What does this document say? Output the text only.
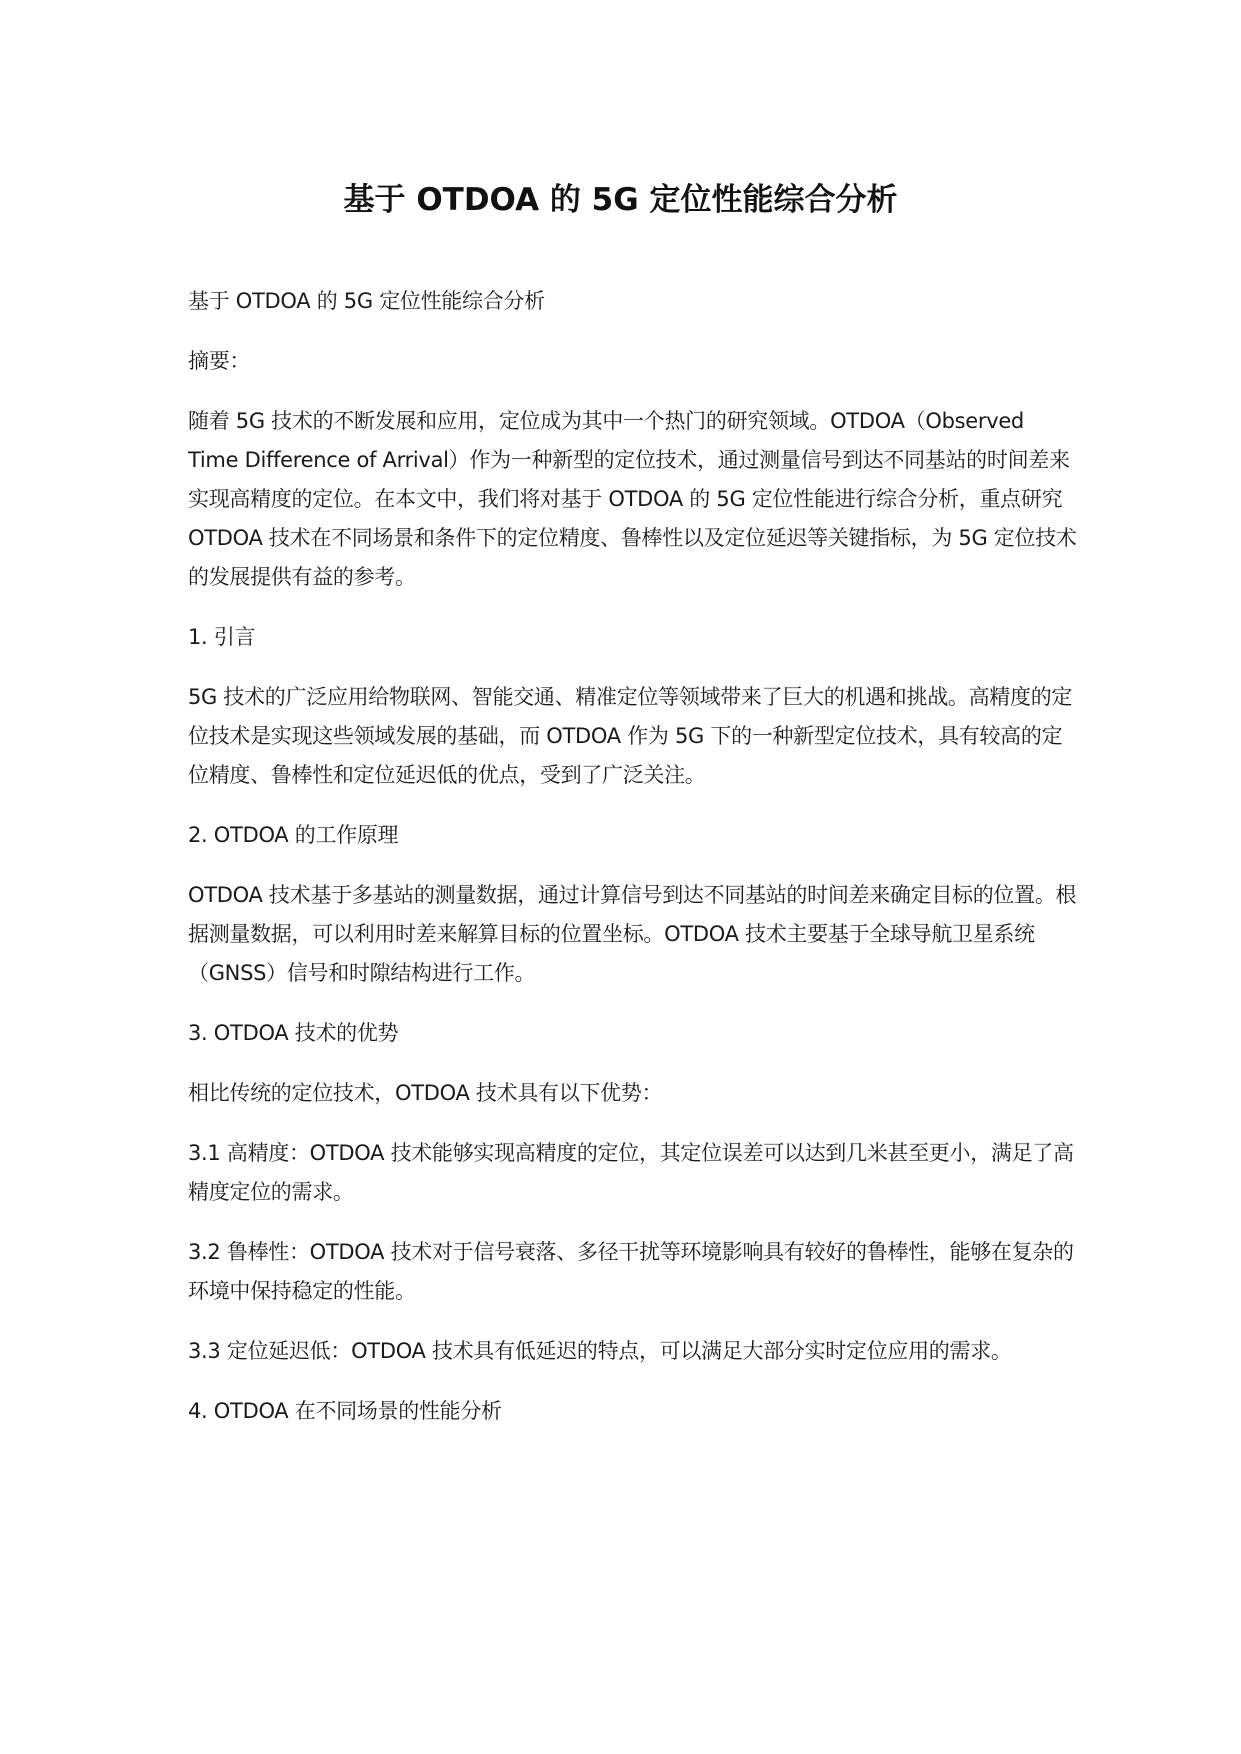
基于 OTDOA 的 5G 定位性能综合分析

基于 OTDOA 的 5G 定位性能综合分析

摘要：

随着 5G 技术的不断发展和应用，定位成为其中一个热门的研究领域。OTDOA（Observed Time Difference of Arrival）作为一种新型的定位技术，通过测量信号到达不同基站的时间差来实现高精度的定位。在本文中，我们将对基于 OTDOA 的 5G 定位性能进行综合分析，重点研究 OTDOA 技术在不同场景和条件下的定位精度、鲁棒性以及定位延迟等关键指标，为 5G 定位技术的发展提供有益的参考。

1. 引言

5G 技术的广泛应用给物联网、智能交通、精准定位等领域带来了巨大的机遇和挑战。高精度的定位技术是实现这些领域发展的基础，而 OTDOA 作为 5G 下的一种新型定位技术，具有较高的定位精度、鲁棒性和定位延迟低的优点，受到了广泛关注。

2. OTDOA 的工作原理

OTDOA 技术基于多基站的测量数据，通过计算信号到达不同基站的时间差来确定目标的位置。根据测量数据，可以利用时差来解算目标的位置坐标。OTDOA 技术主要基于全球导航卫星系统（GNSS）信号和时隙结构进行工作。

3. OTDOA 技术的优势

相比传统的定位技术，OTDOA 技术具有以下优势：

3.1 高精度：OTDOA 技术能够实现高精度的定位，其定位误差可以达到几米甚至更小，满足了高精度定位的需求。

3.2 鲁棒性：OTDOA 技术对于信号衰落、多径干扰等环境影响具有较好的鲁棒性，能够在复杂的环境中保持稳定的性能。

3.3 定位延迟低：OTDOA 技术具有低延迟的特点，可以满足大部分实时定位应用的需求。

4. OTDOA 在不同场景的性能分析
